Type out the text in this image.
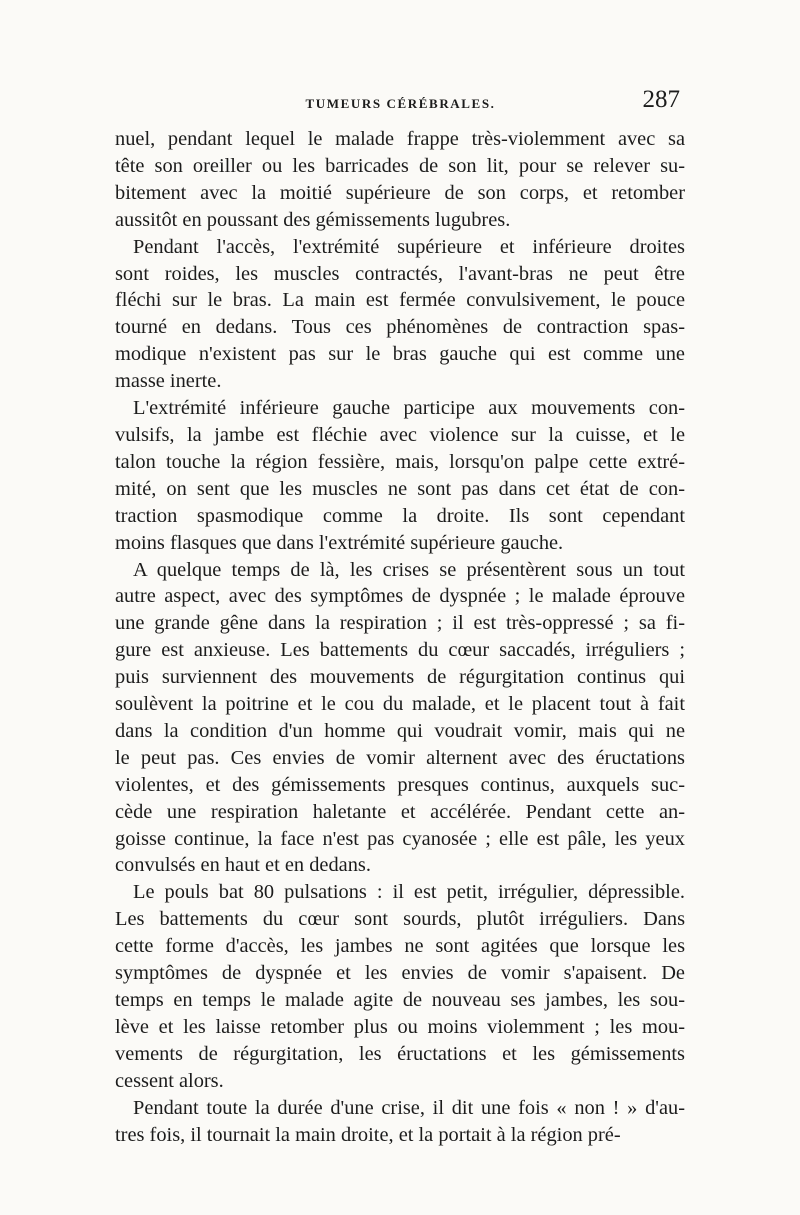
TUMEURS CÉRÉBRALES.	287

nuel, pendant lequel le malade frappe très-violemment avec sa
tête son oreiller ou les barricades de son lit, pour se relever su-
bitement avec la moitié supérieure de son corps, et retomber
aussitôt en poussant des gémissements lugubres.

Pendant l'accès, l'extrémité supérieure et inférieure droites
sont roides, les muscles contractés, l'avant-bras ne peut être
fléchi sur le bras. La main est fermée convulsivement, le pouce
tourné en dedans. Tous ces phénomènes de contraction spas-
modique n'existent pas sur le bras gauche qui est comme une
masse inerte.

L'extrémité inférieure gauche participe aux mouvements con-
vulsifs, la jambe est fléchie avec violence sur la cuisse, et le
talon touche la région fessière, mais, lorsqu'on palpe cette extré-
mité, on sent que les muscles ne sont pas dans cet état de con-
traction spasmodique comme la droite. Ils sont cependant
moins flasques que dans l'extrémité supérieure gauche.

A quelque temps de là, les crises se présentèrent sous un tout
autre aspect, avec des symptômes de dyspnée ; le malade éprouve
une grande gêne dans la respiration ; il est très-oppressé ; sa fi-
gure est anxieuse. Les battements du cœur saccadés, irréguliers ;
puis surviennent des mouvements de régurgitation continus qui
soulèvent la poitrine et le cou du malade, et le placent tout à fait
dans la condition d'un homme qui voudrait vomir, mais qui ne
le peut pas. Ces envies de vomir alternent avec des éructations
violentes, et des gémissements presques continus, auxquels suc-
cède une respiration haletante et accélérée. Pendant cette an-
goisse continue, la face n'est pas cyanosée ; elle est pâle, les yeux
convulsés en haut et en dedans.

Le pouls bat 80 pulsations : il est petit, irrégulier, dépressible.
Les battements du cœur sont sourds, plutôt irréguliers. Dans
cette forme d'accès, les jambes ne sont agitées que lorsque les
symptômes de dyspnée et les envies de vomir s'apaisent. De
temps en temps le malade agite de nouveau ses jambes, les sou-
lève et les laisse retomber plus ou moins violemment ; les mou-
vements de régurgitation, les éructations et les gémissements
cessent alors.

Pendant toute la durée d'une crise, il dit une fois « non ! » d'au-
tres fois, il tournait la main droite, et la portait à la région pré-
